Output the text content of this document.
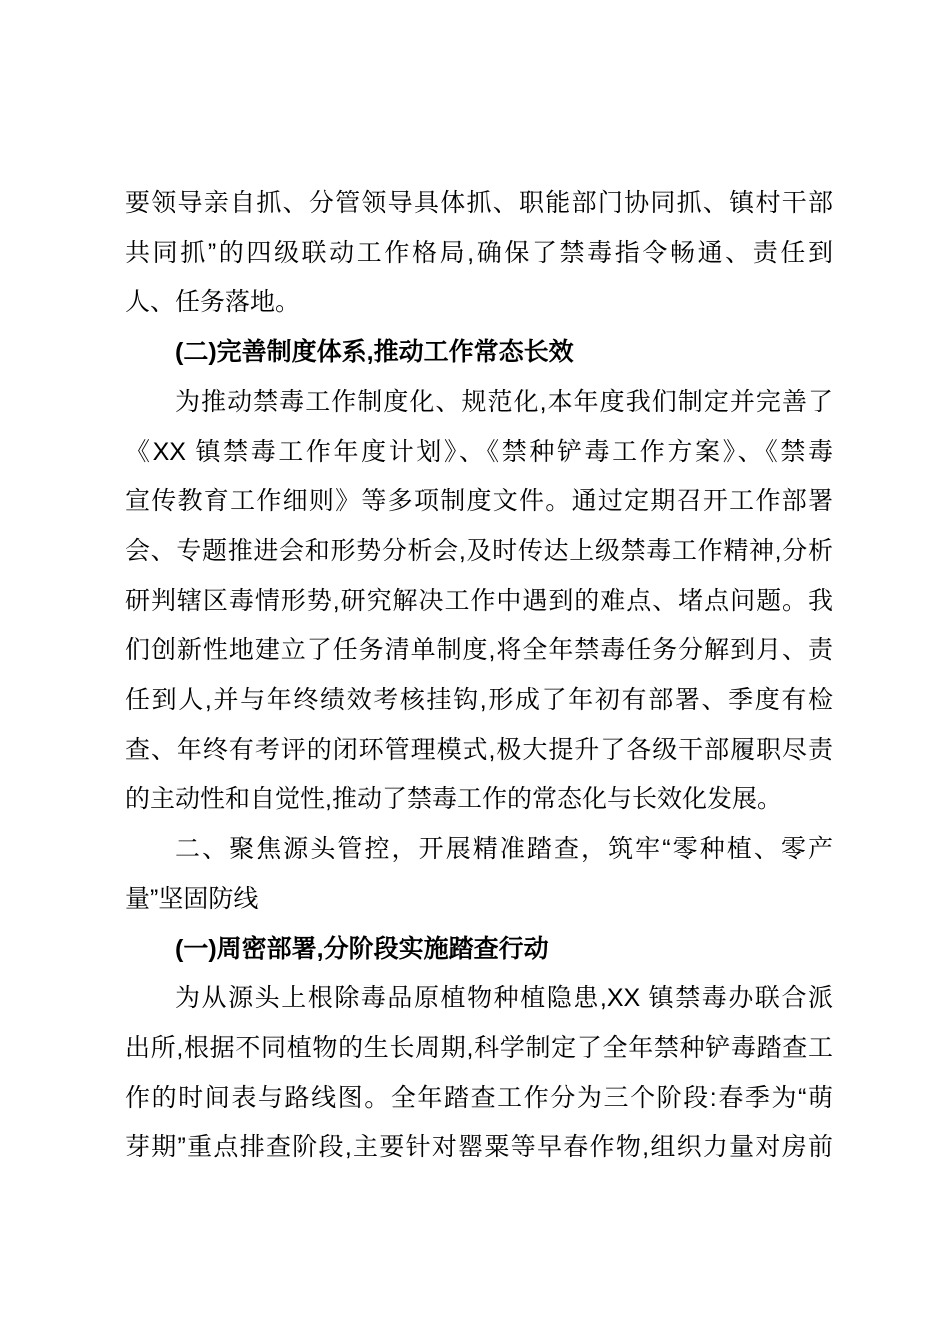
要领导亲自抓、分管领导具体抓、职能部门协同抓、镇村干部
共同抓”的四级联动工作格局,确保了禁毒指令畅通、责任到
人、任务落地。
(二)完善制度体系,推动工作常态长效
为推动禁毒工作制度化、规范化,本年度我们制定并完善了
《XX 镇禁毒工作年度计划》、《禁种铲毒工作方案》、《禁毒
宣传教育工作细则》等多项制度文件。通过定期召开工作部署
会、专题推进会和形势分析会,及时传达上级禁毒工作精神,分析
研判辖区毒情形势,研究解决工作中遇到的难点、堵点问题。我
们创新性地建立了任务清单制度,将全年禁毒任务分解到月、责
任到人,并与年终绩效考核挂钩,形成了年初有部署、季度有检
查、年终有考评的闭环管理模式,极大提升了各级干部履职尽责
的主动性和自觉性,推动了禁毒工作的常态化与长效化发展。
二、聚焦源头管控，开展精准踏查，筑牢“零种植、零产
量”坚固防线
(一)周密部署,分阶段实施踏查行动
为从源头上根除毒品原植物种植隐患,XX 镇禁毒办联合派
出所,根据不同植物的生长周期,科学制定了全年禁种铲毒踏查工
作的时间表与路线图。全年踏查工作分为三个阶段:春季为“萌
芽期”重点排查阶段,主要针对罂粟等早春作物,组织力量对房前
